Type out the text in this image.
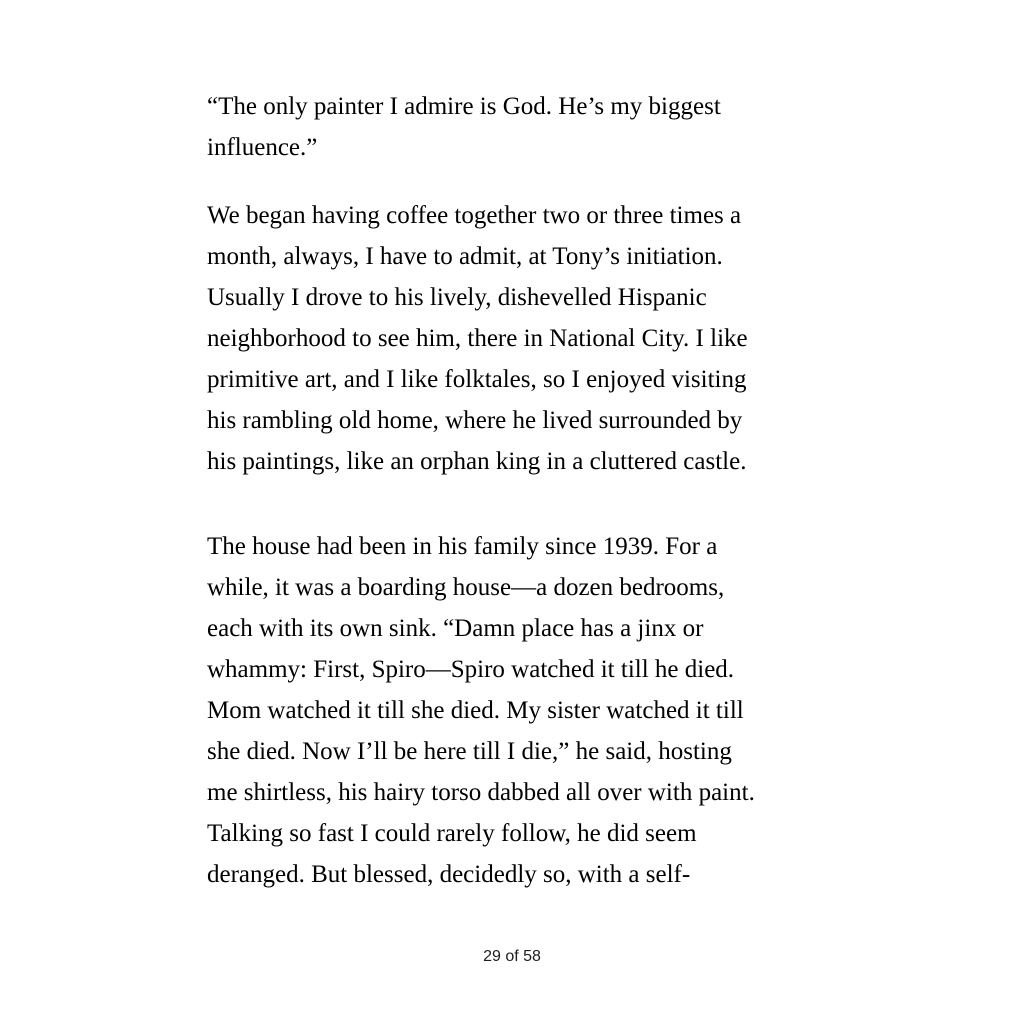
“The only painter I admire is God. He’s my biggest
influence.”

We began having coffee together two or three times a
month, always, I have to admit, at Tony’s initiation.
Usually I drove to his lively, dishevelled Hispanic
neighborhood to see him, there in National City. I like
primitive art, and I like folktales, so I enjoyed visiting
his rambling old home, where he lived surrounded by
his paintings, like an orphan king in a cluttered castle.

The house had been in his family since 1939. For a
while, it was a boarding house—a dozen bedrooms,
each with its own sink. “Damn place has a jinx or
whammy: First, Spiro—Spiro watched it till he died.
Mom watched it till she died. My sister watched it till
she died. Now I’ll be here till I die,” he said, hosting
me shirtless, his hairy torso dabbed all over with paint.
Talking so fast I could rarely follow, he did seem
deranged. But blessed, decidedly so, with a self-

29 of 58
